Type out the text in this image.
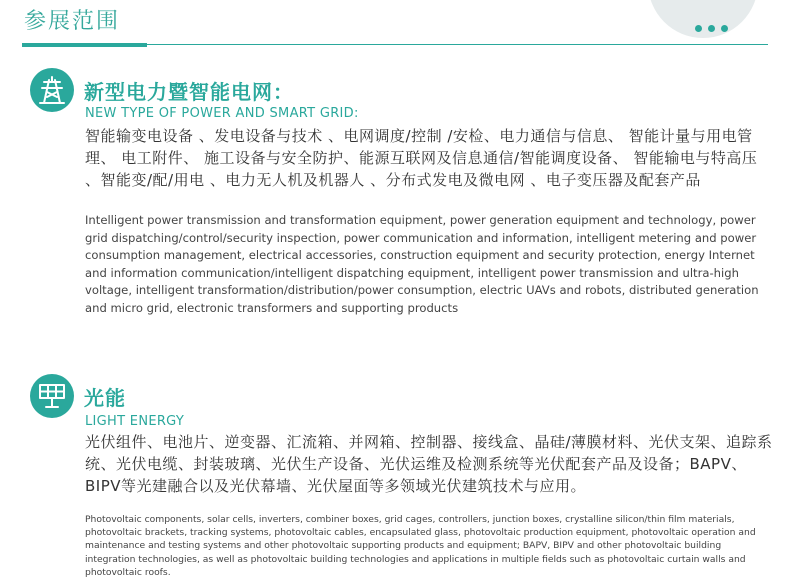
参展范围
新型电力暨智能电网：
NEW TYPE OF POWER AND SMART GRID:
智能输变电设备 、发电设备与技术 、电网调度/控制 /安检、电力通信与信息、 智能计量与用电管理、 电工附件、 施工设备与安全防护、能源互联网及信息通信/智能调度设备、 智能输电与特高压 、智能变/配/用电 、电力无人机及机器人 、分布式发电及微电网 、电子变压器及配套产品
Intelligent power transmission and transformation equipment, power generation equipment and technology, power grid dispatching/control/security inspection, power communication and information, intelligent metering and power consumption management, electrical accessories, construction equipment and security protection, energy Internet and information communication/intelligent dispatching equipment, intelligent power transmission and ultra-high voltage, intelligent transformation/distribution/power consumption, electric UAVs and robots, distributed generation and micro grid, electronic transformers and supporting products
光能
LIGHT ENERGY
光伏组件、电池片、逆变器、汇流箱、并网箱、控制器、接线盒、晶硅/薄膜材料、光伏支架、追踪系统、光伏电缆、封装玻璃、光伏生产设备、光伏运维及检测系统等光伏配套产品及设备；BAPV、BIPV等光建融合以及光伏幕墙、光伏屋面等多领域光伏建筑技术与应用。
Photovoltaic components, solar cells, inverters, combiner boxes, grid cages, controllers, junction boxes, crystalline silicon/thin film materials, photovoltaic brackets, tracking systems, photovoltaic cables, encapsulated glass, photovoltaic production equipment, photovoltaic operation and maintenance and testing systems and other photovoltaic supporting products and equipment; BAPV, BIPV and other photovoltaic building integration technologies, as well as photovoltaic building technologies and applications in multiple fields such as photovoltaic curtain walls and photovoltaic roofs.
